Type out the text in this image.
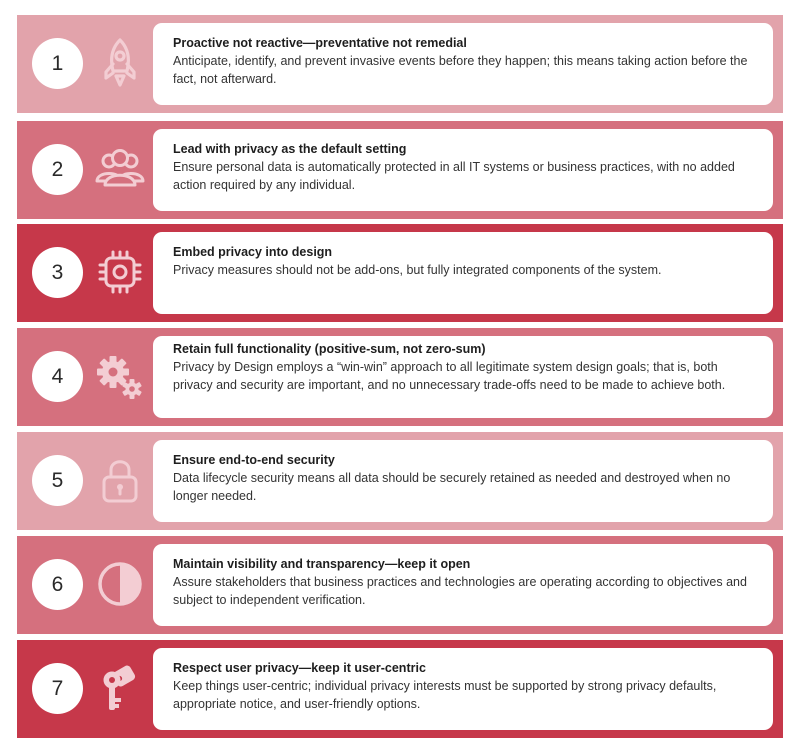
1
Proactive not reactive—preventative not remedial
Anticipate, identify, and prevent invasive events before they happen; this means taking action before the fact, not afterward.
2
Lead with privacy as the default setting
Ensure personal data is automatically protected in all IT systems or business practices, with no added action required by any individual.
3
Embed privacy into design
Privacy measures should not be add-ons, but fully integrated components of the system.
4
Retain full functionality (positive-sum, not zero-sum)
Privacy by Design employs a “win-win” approach to all legitimate system design goals; that is, both privacy and security are important, and no unnecessary trade-offs need to be made to achieve both.
5
Ensure end-to-end security
Data lifecycle security means all data should be securely retained as needed and destroyed when no longer needed.
6
Maintain visibility and transparency—keep it open
Assure stakeholders that business practices and technologies are operating according to objectives and subject to independent verification.
7
Respect user privacy—keep it user-centric
Keep things user-centric; individual privacy interests must be supported by strong privacy defaults, appropriate notice, and user-friendly options.
